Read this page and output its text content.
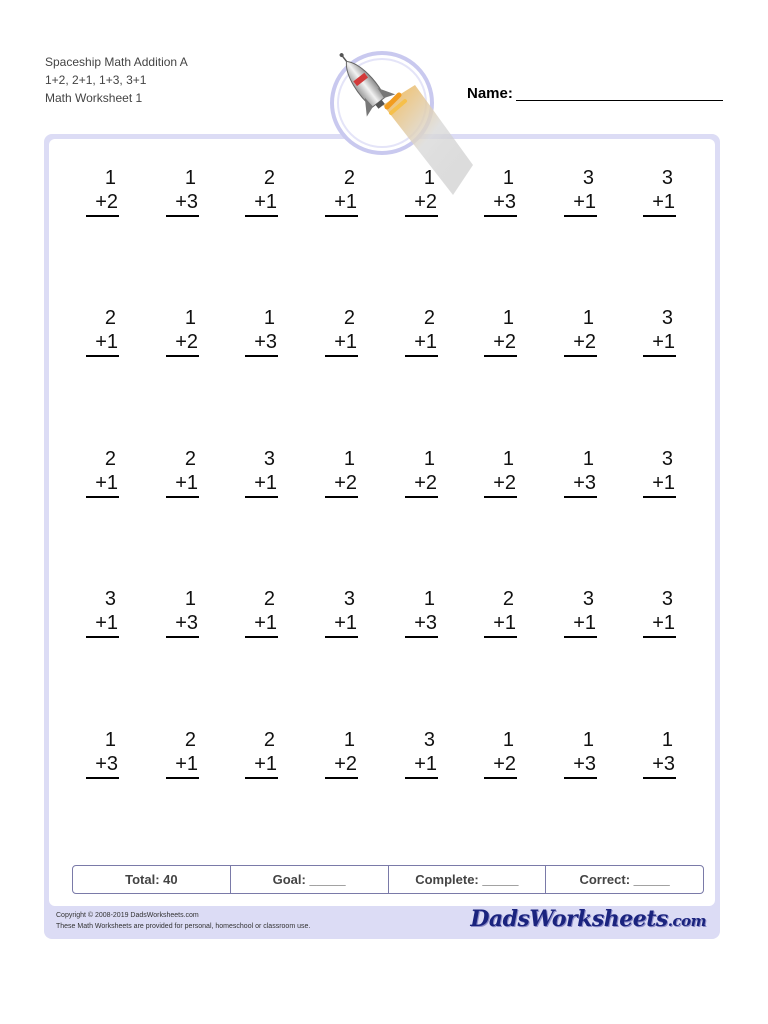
Spaceship Math Addition A
1+2, 2+1, 1+3, 3+1
Math Worksheet 1	Name:
1
+2
1
+3
2
+1
2
+1
1
+2
1
+3
3
+1
3
+1
2
+1
1
+2
1
+3
2
+1
2
+1
1
+2
1
+2
3
+1
2
+1
2
+1
3
+1
1
+2
1
+2
1
+2
1
+3
3
+1
3
+1
1
+3
2
+1
3
+1
1
+3
2
+1
3
+1
3
+1
1
+3
2
+1
2
+1
1
+2
3
+1
1
+2
1
+3
1
+3
Total: 40	Goal: _____	Complete: _____	Correct: _____
Copyright © 2008-2019 DadsWorksheets.com
These Math Worksheets are provided for personal, homeschool or classroom use.	DadsWorksheets.com
